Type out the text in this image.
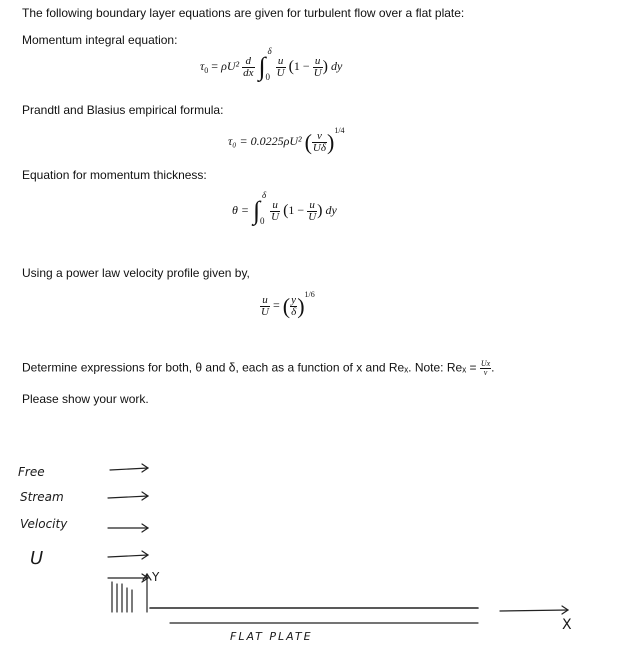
The following boundary layer equations are given for turbulent flow over a flat plate:
Momentum integral equation:
$\tau_0 = \rho U^2 \frac{d}{dx}$ ∫
δ
0
$\frac{u}{U} (1 - \frac{u}{U}$ ) dy
Prandtl and Blasius empirical formula:
τ₀ = 0.0225ρU² ( $\frac{\nu}{U\delta} )^{1/4}$
Equation for momentum thickness:
θ = ∫
δ
0
$\frac{u}{U} (1 - \frac{u}{U}$ ) dy
Using a power law velocity profile given by,
$\frac{u}{U}$ = ( $\frac{y}{\delta} )^{1/6}$
Determine expressions for both, θ and δ, each as a function of x and Reₓ. Note: $Re_x = \frac{Ux}{\nu}$ .
Please show your work.
Free
Stream
Velocity
U
Y
X
FLAT PLATE
